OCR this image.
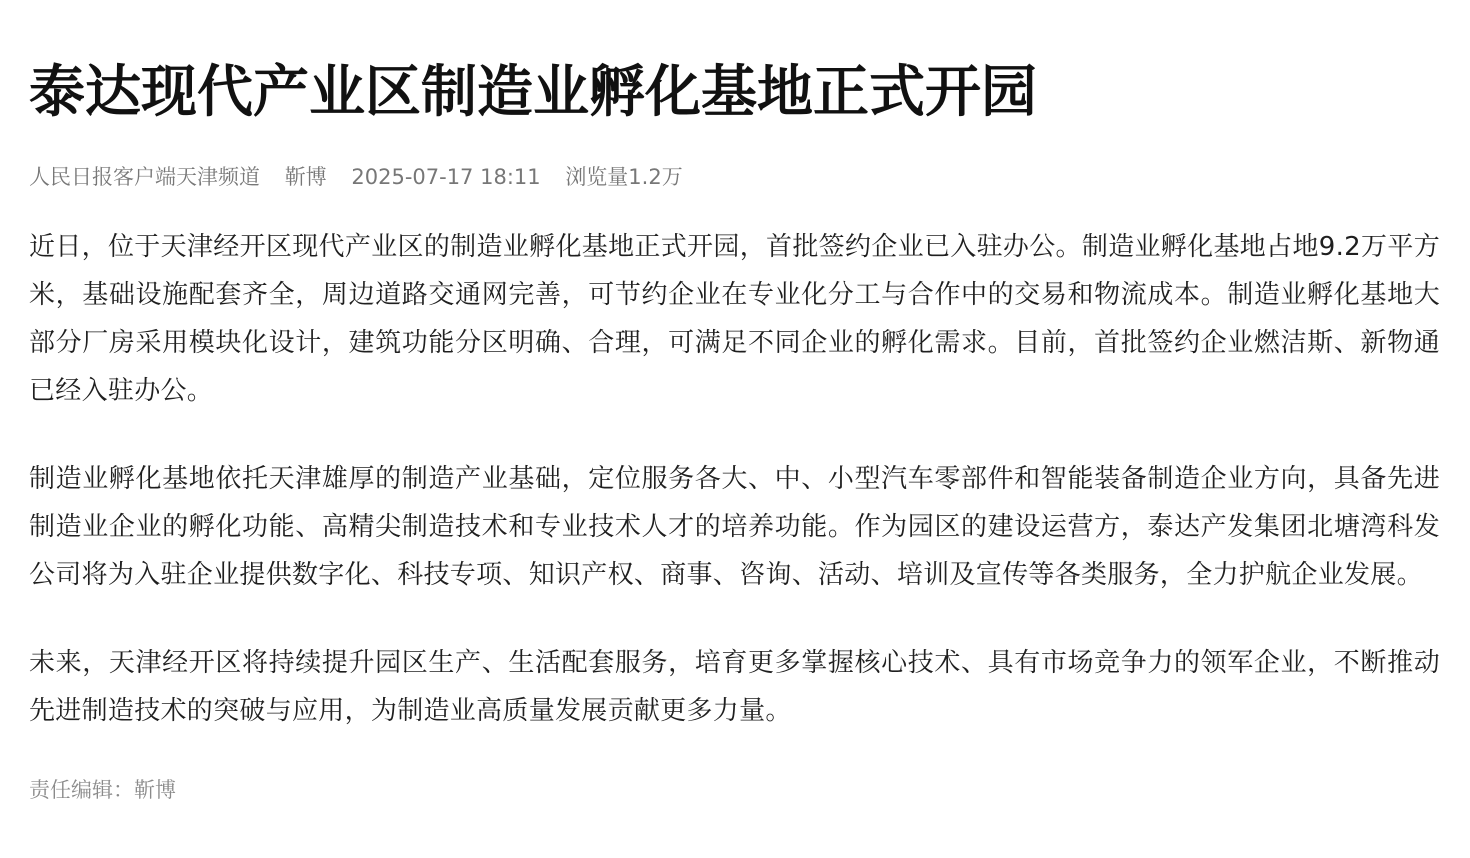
泰达现代产业区制造业孵化基地正式开园
人民日报客户端天津频道 靳博 2025-07-17 18:11 浏览量1.2万

近日，位于天津经开区现代产业区的制造业孵化基地正式开园，首批签约企业已入驻办公。制造业孵化基地占地9.2万平方米，基础设施配套齐全，周边道路交通网完善，可节约企业在专业化分工与合作中的交易和物流成本。制造业孵化基地大部分厂房采用模块化设计，建筑功能分区明确、合理，可满足不同企业的孵化需求。目前，首批签约企业燃洁斯、新物通已经入驻办公。

制造业孵化基地依托天津雄厚的制造产业基础，定位服务各大、中、小型汽车零部件和智能装备制造企业方向，具备先进制造业企业的孵化功能、高精尖制造技术和专业技术人才的培养功能。作为园区的建设运营方，泰达产发集团北塘湾科发公司将为入驻企业提供数字化、科技专项、知识产权、商事、咨询、活动、培训及宣传等各类服务，全力护航企业发展。

未来，天津经开区将持续提升园区生产、生活配套服务，培育更多掌握核心技术、具有市场竞争力的领军企业，不断推动先进制造技术的突破与应用，为制造业高质量发展贡献更多力量。

责任编辑：靳博
